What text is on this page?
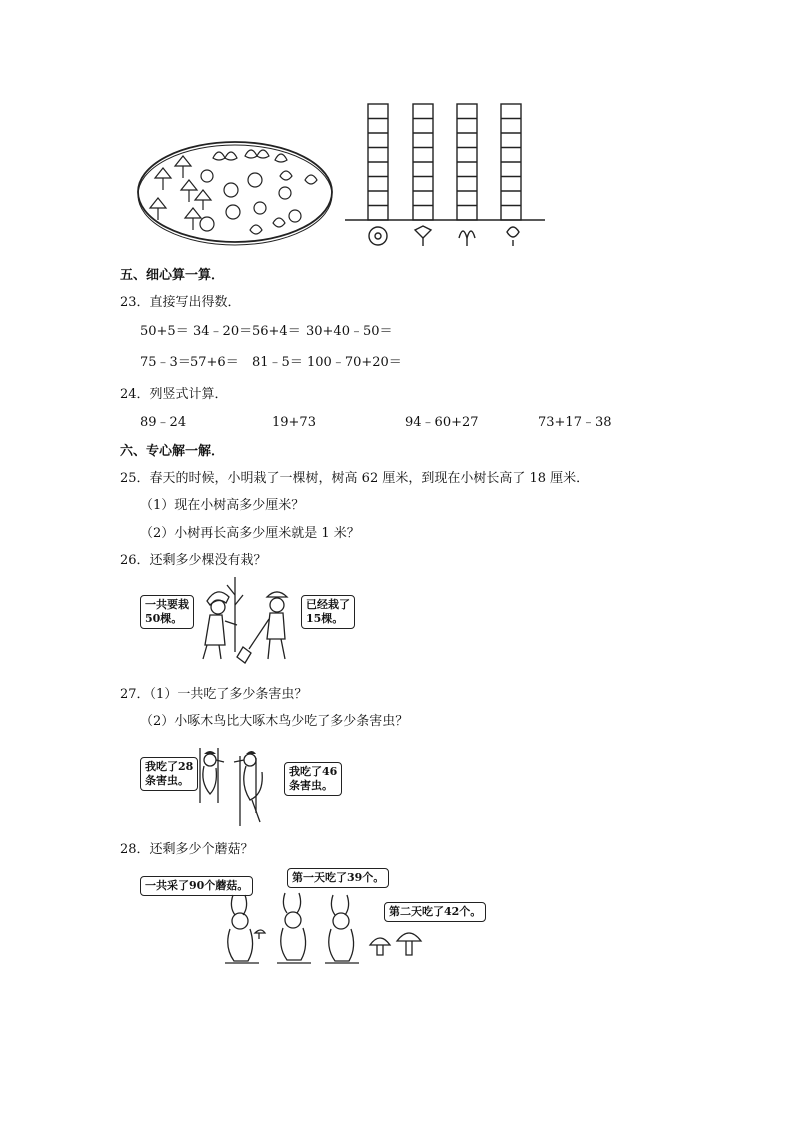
五、细心算一算．
23．直接写出得数．
50+5＝ 34﹣20＝ 56+4＝ 30+40﹣50＝
75﹣3＝ 57+6＝ 81﹣5＝ 100﹣70+20＝
24．列竖式计算．
89﹣24	19+73	94﹣60+27	73+17﹣38
六、专心解一解．
25．春天的时候，小明栽了一棵树，树高 62 厘米，到现在小树长高了 18 厘米．
（1）现在小树高多少厘米？
（2）小树再长高多少厘米就是 1 米？
26．还剩多少棵没有栽？
一共要栽
50棵。
已经栽了
15棵。
27．（1）一共吃了多少条害虫？
（2）小啄木鸟比大啄木鸟少吃了多少条害虫？
我吃了28
条害虫。
我吃了46
条害虫。
28．还剩多少个蘑菇？
一共采了90个蘑菇。
第一天吃了39个。
第二天吃了42个。
